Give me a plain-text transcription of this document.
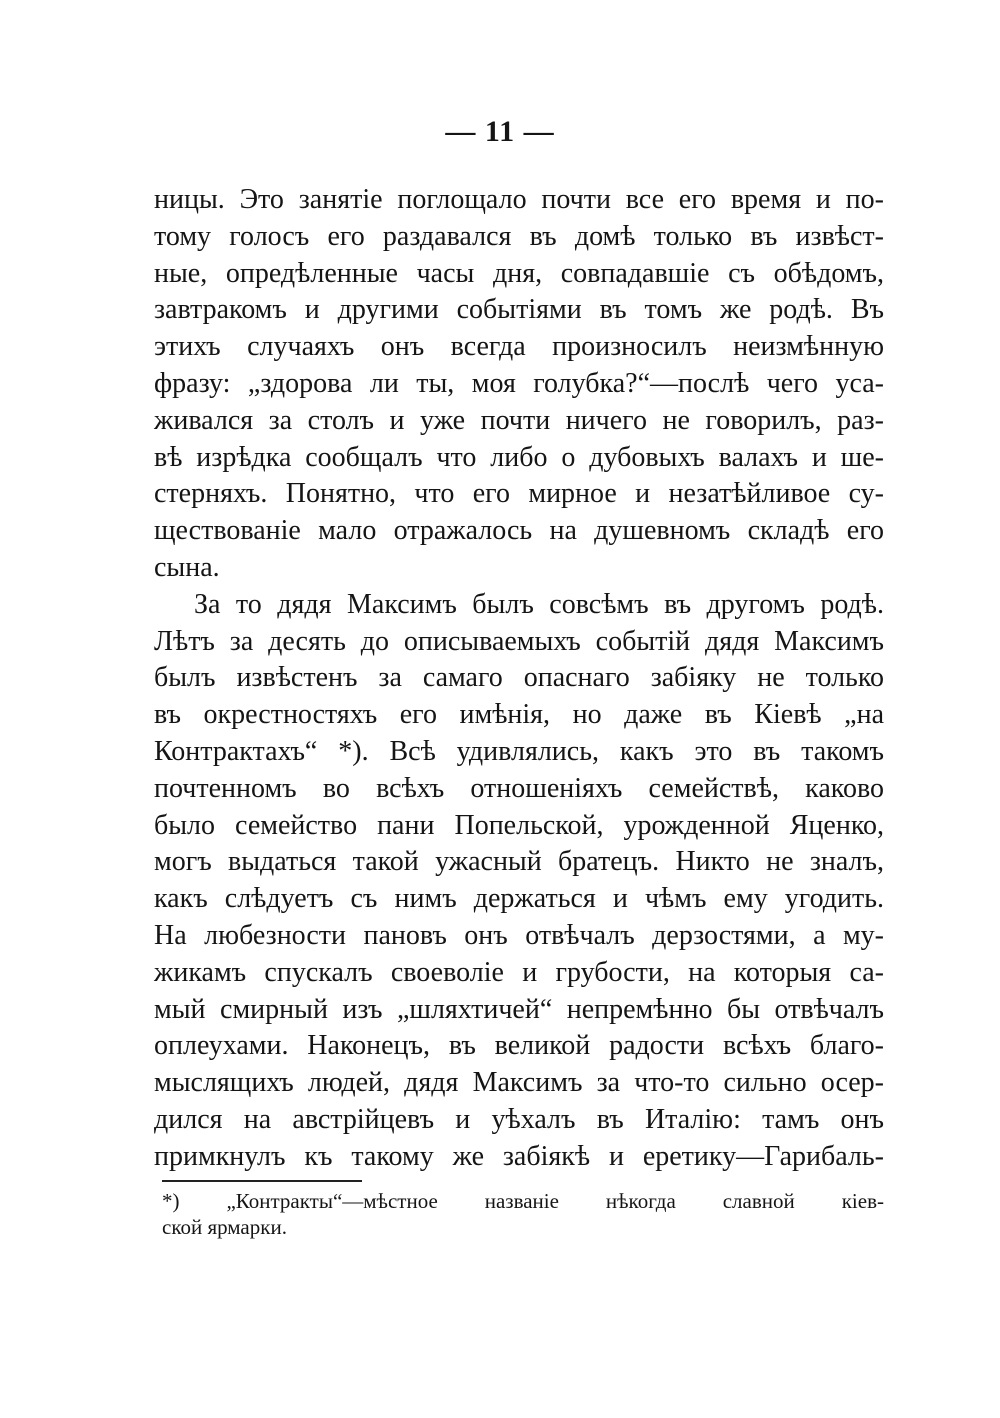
— 11 —
ницы. Это занятіе поглощало почти все его время и по-
тому голосъ его раздавался въ домѣ только въ извѣст-
ные, опредѣленные часы дня, совпадавшіе съ обѣдомъ,
завтракомъ и другими событіями въ томъ же родѣ. Въ
этихъ случаяхъ онъ всегда произносилъ неизмѣнную
фразу: „здорова ли ты, моя голубка?“—послѣ чего уса-
живался за столъ и уже почти ничего не говорилъ, раз-
вѣ изрѣдка сообщалъ что либо о дубовыхъ валахъ и ше-
стерняхъ. Понятно, что его мирное и незатѣйливое су-
ществованіе мало отражалось на душевномъ складѣ его
сына.
За то дядя Максимъ былъ совсѣмъ въ другомъ родѣ.
Лѣтъ за десять до описываемыхъ событій дядя Максимъ
былъ извѣстенъ за самаго опаснаго забіяку не только
въ окрестностяхъ его имѣнія, но даже въ Кіевѣ „на
Контрактахъ“ *). Всѣ удивлялись, какъ это въ такомъ
почтенномъ во всѣхъ отношеніяхъ семействѣ, каково
было семейство пани Попельской, урожденной Яценко,
могъ выдаться такой ужасный братецъ. Никто не зналъ,
какъ слѣдуетъ съ нимъ держаться и чѣмъ ему угодить.
На любезности пановъ онъ отвѣчалъ дерзостями, а му-
жикамъ спускалъ своеволіе и грубости, на которыя са-
мый смирный изъ „шляхтичей“ непремѣнно бы отвѣчалъ
оплеухами. Наконецъ, въ великой радости всѣхъ благо-
мыслящихъ людей, дядя Максимъ за что-то сильно осер-
дился на австрійцевъ и уѣхалъ въ Италію: тамъ онъ
примкнулъ къ такому же забіякѣ и еретику—Гарибаль-
*) „Контракты“—мѣстное названіе нѣкогда славной кіев-
ской ярмарки.
